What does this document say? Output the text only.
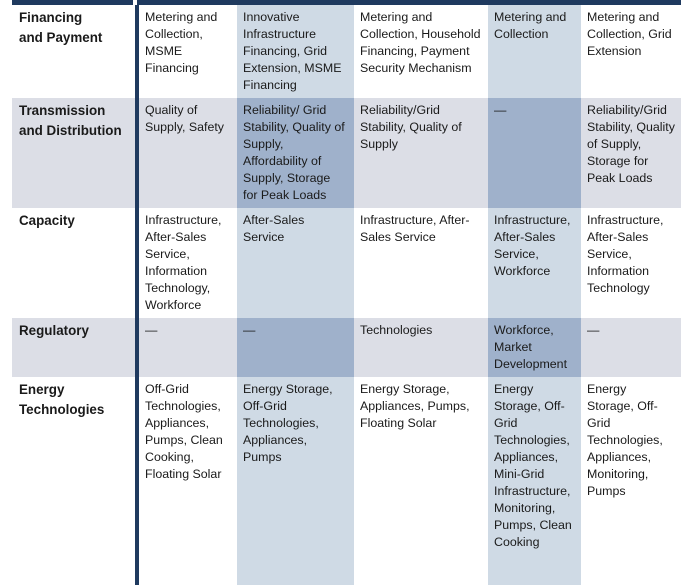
Financing
and Payment	Metering and Collection, MSME Financing	Innovative Infrastructure Financing, Grid Extension, MSME Financing	Metering and Collection, Household Financing, Payment Security Mechanism	Metering and Collection	Metering and Collection, Grid Extension
Transmission
and Distribution	Quality of Supply, Safety	Reliability/ Grid Stability, Quality of Supply, Affordability of Supply, Storage for Peak Loads	Reliability/Grid Stability, Quality of Supply	—	Reliability/Grid Stability, Quality of Supply, Storage for Peak Loads
Capacity	Infrastructure, After-Sales Service, Information Technology, Workforce	After-Sales Service	Infrastructure, After-Sales Service	Infrastructure, After-Sales Service, Workforce	Infrastructure, After-Sales Service, Information Technology
Regulatory	—	—	Technologies	Workforce, Market Development	—
Energy
Technologies	Off-Grid Technologies, Appliances, Pumps, Clean Cooking, Floating Solar	Energy Storage, Off-Grid Technologies, Appliances, Pumps	Energy Storage, Appliances, Pumps, Floating Solar	Energy Storage, Off-Grid Technologies, Appliances, Mini-Grid Infrastructure, Monitoring, Pumps, Clean Cooking	Energy Storage, Off-Grid Technologies, Appliances, Monitoring, Pumps
